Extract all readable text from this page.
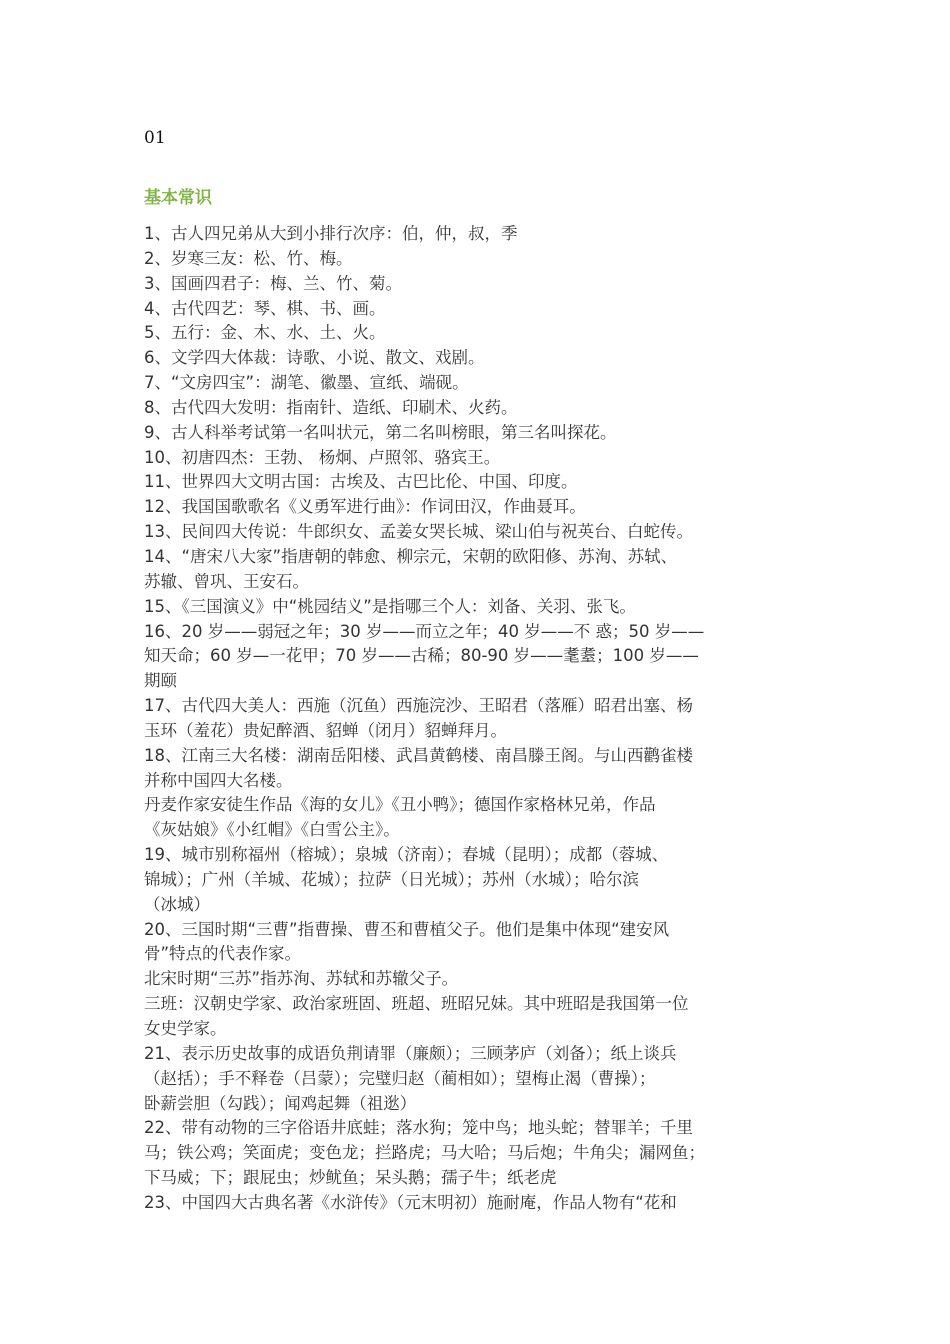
01
基本常识
1、古人四兄弟从大到小排行次序：伯，仲，叔，季
2、岁寒三友：松、竹、梅。
3、国画四君子：梅、兰、竹、菊。
4、古代四艺：琴、棋、书、画。
5、五行：金、木、水、土、火。
6、文学四大体裁：诗歌、小说、散文、戏剧。
7、“文房四宝”：湖笔、徽墨、宣纸、端砚。
8、古代四大发明：指南针、造纸、印刷术、火药。
9、古人科举考试第一名叫状元，第二名叫榜眼，第三名叫探花。
10、初唐四杰：王勃、 杨炯、卢照邻、骆宾王。
11、世界四大文明古国：古埃及、古巴比伦、中国、印度。
12、我国国歌歌名《义勇军进行曲》：作词田汉，作曲聂耳。
13、民间四大传说：牛郎织女、孟姜女哭长城、梁山伯与祝英台、白蛇传。
14、“唐宋八大家”指唐朝的韩愈、柳宗元，宋朝的欧阳修、苏洵、苏轼、
苏辙、曾巩、王安石。
15、《三国演义》中“桃园结义”是指哪三个人：刘备、关羽、张飞。
16、20 岁——弱冠之年；30 岁——而立之年；40 岁——不 惑；50 岁——
知天命；60 岁—一花甲；70 岁——古稀；80-90 岁——耄耋；100 岁——
期颐
17、古代四大美人：西施（沉鱼）西施浣沙、王昭君（落雁）昭君出塞、杨
玉环（羞花）贵妃醉酒、貂蝉（闭月）貂蝉拜月。
18、江南三大名楼：湖南岳阳楼、武昌黄鹤楼、南昌滕王阁。与山西鹳雀楼
并称中国四大名楼。
丹麦作家安徒生作品《海的女儿》《丑小鸭》；德国作家格林兄弟，作品
《灰姑娘》《小红帽》《白雪公主》。
19、城市别称福州（榕城）；泉城（济南）；春城（昆明）；成都（蓉城、
锦城）；广州（羊城、花城）；拉萨（日光城）；苏州（水城）；哈尔滨
（冰城）
20、三国时期“三曹”指曹操、曹丕和曹植父子。他们是集中体现“建安风
骨”特点的代表作家。
北宋时期“三苏”指苏洵、苏轼和苏辙父子。
三班：汉朝史学家、政治家班固、班超、班昭兄妹。其中班昭是我国第一位
女史学家。
21、表示历史故事的成语负荆请罪（廉颇）；三顾茅庐（刘备）；纸上谈兵
（赵括）；手不释卷（吕蒙）；完璧归赵（蔺相如）；望梅止渴（曹操）；
卧薪尝胆（勾践）；闻鸡起舞（祖逖）
22、带有动物的三字俗语井底蛙；落水狗；笼中鸟；地头蛇；替罪羊；千里
马；铁公鸡；笑面虎；变色龙；拦路虎；马大哈；马后炮；牛角尖；漏网鱼；
下马威；下；跟屁虫；炒鱿鱼；呆头鹅；孺子牛；纸老虎
23、中国四大古典名著《水浒传》（元末明初）施耐庵，作品人物有“花和
